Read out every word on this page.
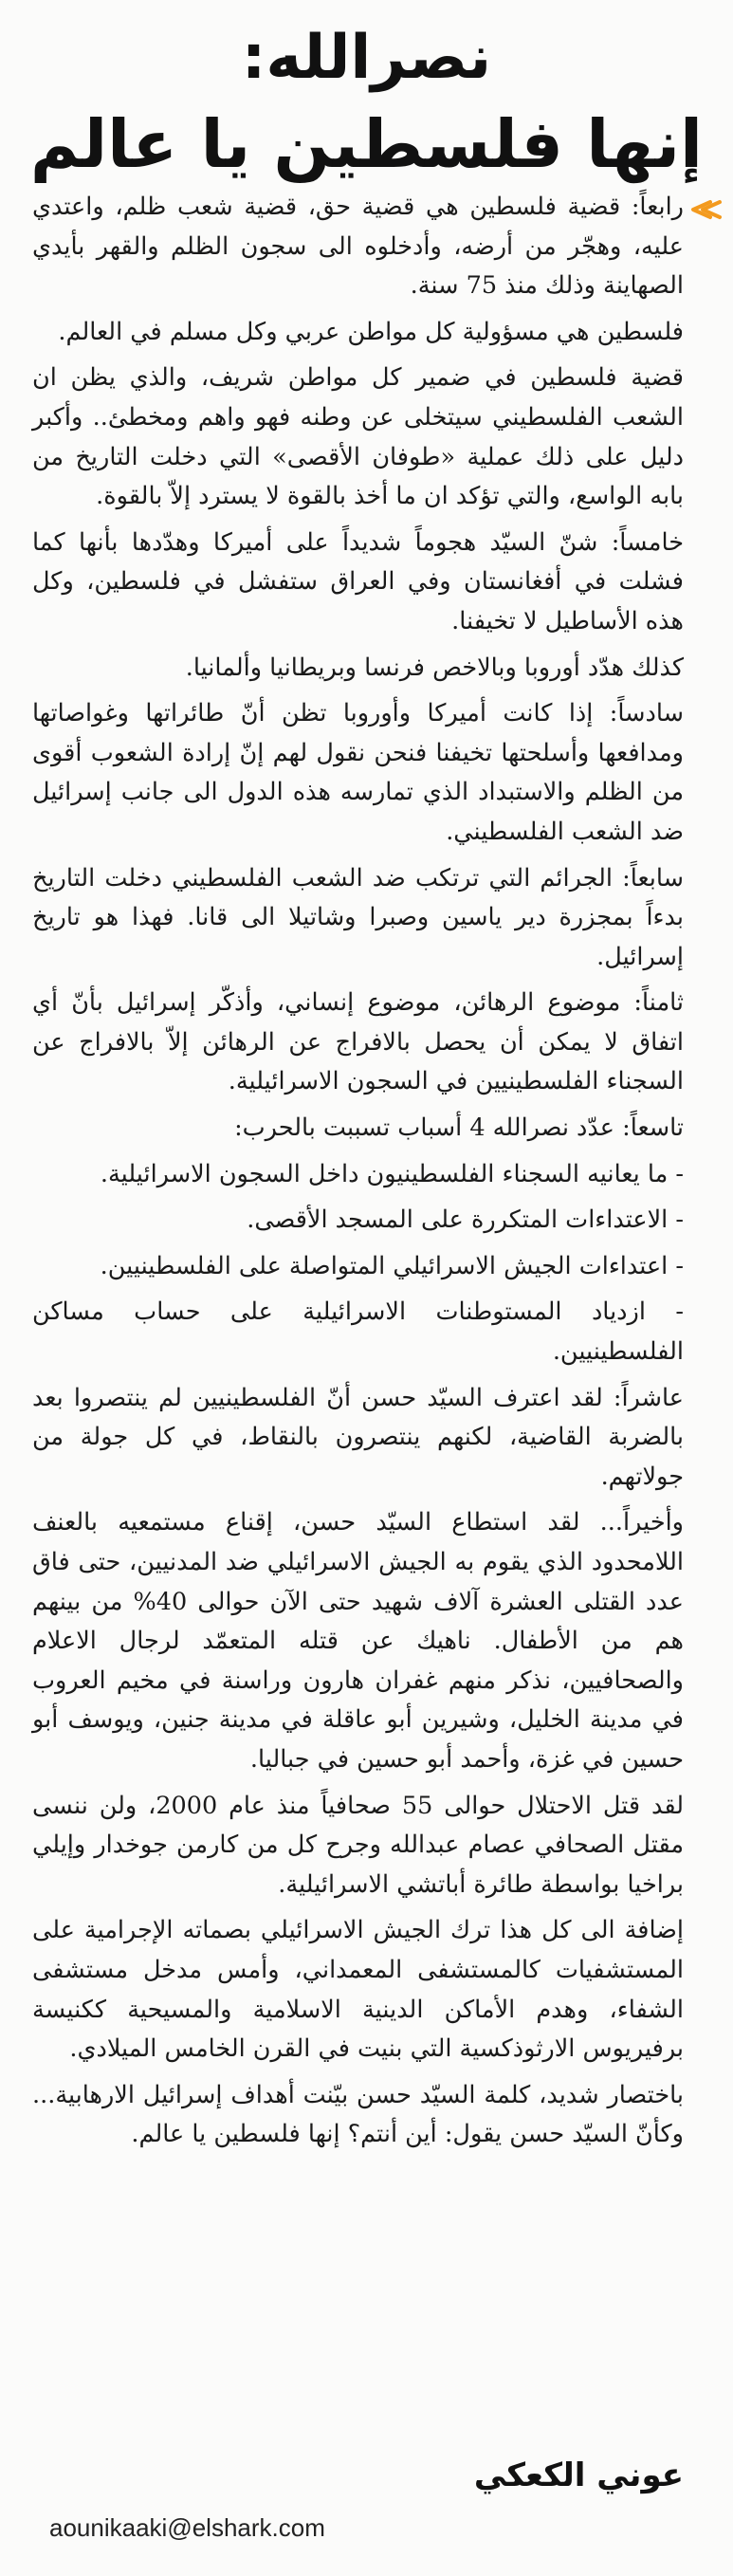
نصرالله:
إنها فلسطين يا عالم

رابعاً: قضية فلسطين هي قضية حق، قضية شعب ظلم، واعتدي عليه، وهجّر من أرضه، وأدخلوه الى سجون الظلم والقهر بأيدي الصهاينة وذلك منذ 75 سنة.

فلسطين هي مسؤولية كل مواطن عربي وكل مسلم في العالم.

قضية فلسطين في ضمير كل مواطن شريف، والذي يظن ان الشعب الفلسطيني سيتخلى عن وطنه فهو واهم ومخطئ.. وأكبر دليل على ذلك عملية «طوفان الأقصى» التي دخلت التاريخ من بابه الواسع، والتي تؤكد ان ما أخذ بالقوة لا يسترد إلاّ بالقوة.

خامساً: شنّ السيّد هجوماً شديداً على أميركا وهدّدها بأنها كما فشلت في أفغانستان وفي العراق ستفشل في فلسطين، وكل هذه الأساطيل لا تخيفنا.

كذلك هدّد أوروبا وبالاخص فرنسا وبريطانيا وألمانيا.

سادساً: إذا كانت أميركا وأوروبا تظن أنّ طائراتها وغواصاتها ومدافعها وأسلحتها تخيفنا فنحن نقول لهم إنّ إرادة الشعوب أقوى من الظلم والاستبداد الذي تمارسه هذه الدول الى جانب إسرائيل ضد الشعب الفلسطيني.

سابعاً: الجرائم التي ترتكب ضد الشعب الفلسطيني دخلت التاريخ بدءاً بمجزرة دير ياسين وصبرا وشاتيلا الى قانا. فهذا هو تاريخ إسرائيل.

ثامناً: موضوع الرهائن، موضوع إنساني، وأذكّر إسرائيل بأنّ أي اتفاق لا يمكن أن يحصل بالافراج عن الرهائن إلاّ بالافراج عن السجناء الفلسطينيين في السجون الاسرائيلية.

تاسعاً: عدّد نصرالله 4 أسباب تسببت بالحرب:

- ما يعانيه السجناء الفلسطينيون داخل السجون الاسرائيلية.

- الاعتداءات المتكررة على المسجد الأقصى.

- اعتداءات الجيش الاسرائيلي المتواصلة على الفلسطينيين.

- ازدياد المستوطنات الاسرائيلية على حساب مساكن الفلسطينيين.

عاشراً: لقد اعترف السيّد حسن أنّ الفلسطينيين لم ينتصروا بعد بالضربة القاضية، لكنهم ينتصرون بالنقاط، في كل جولة من جولاتهم.

وأخيراً... لقد استطاع السيّد حسن، إقناع مستمعيه بالعنف اللامحدود الذي يقوم به الجيش الاسرائيلي ضد المدنيين، حتى فاق عدد القتلى العشرة آلاف شهيد حتى الآن حوالى 40% من بينهم هم من الأطفال. ناهيك عن قتله المتعمّد لرجال الاعلام والصحافيين، نذكر منهم غفران هارون وراسنة في مخيم العروب في مدينة الخليل، وشيرين أبو عاقلة في مدينة جنين، ويوسف أبو حسين في غزة، وأحمد أبو حسين في جباليا.

لقد قتل الاحتلال حوالى 55 صحافياً منذ عام 2000، ولن ننسى مقتل الصحافي عصام عبدالله وجرح كل من كارمن جوخدار وإيلي براخيا بواسطة طائرة أباتشي الاسرائيلية.

إضافة الى كل هذا ترك الجيش الاسرائيلي بصماته الإجرامية على المستشفيات كالمستشفى المعمداني، وأمس مدخل مستشفى الشفاء، وهدم الأماكن الدينية الاسلامية والمسيحية ككنيسة برفيريوس الارثوذكسية التي بنيت في القرن الخامس الميلادي.

باختصار شديد، كلمة السيّد حسن بيّنت أهداف إسرائيل الارهابية... وكأنّ السيّد حسن يقول: أين أنتم؟ إنها فلسطين يا عالم.

عوني الكعكي
aounikaaki@elshark.com
